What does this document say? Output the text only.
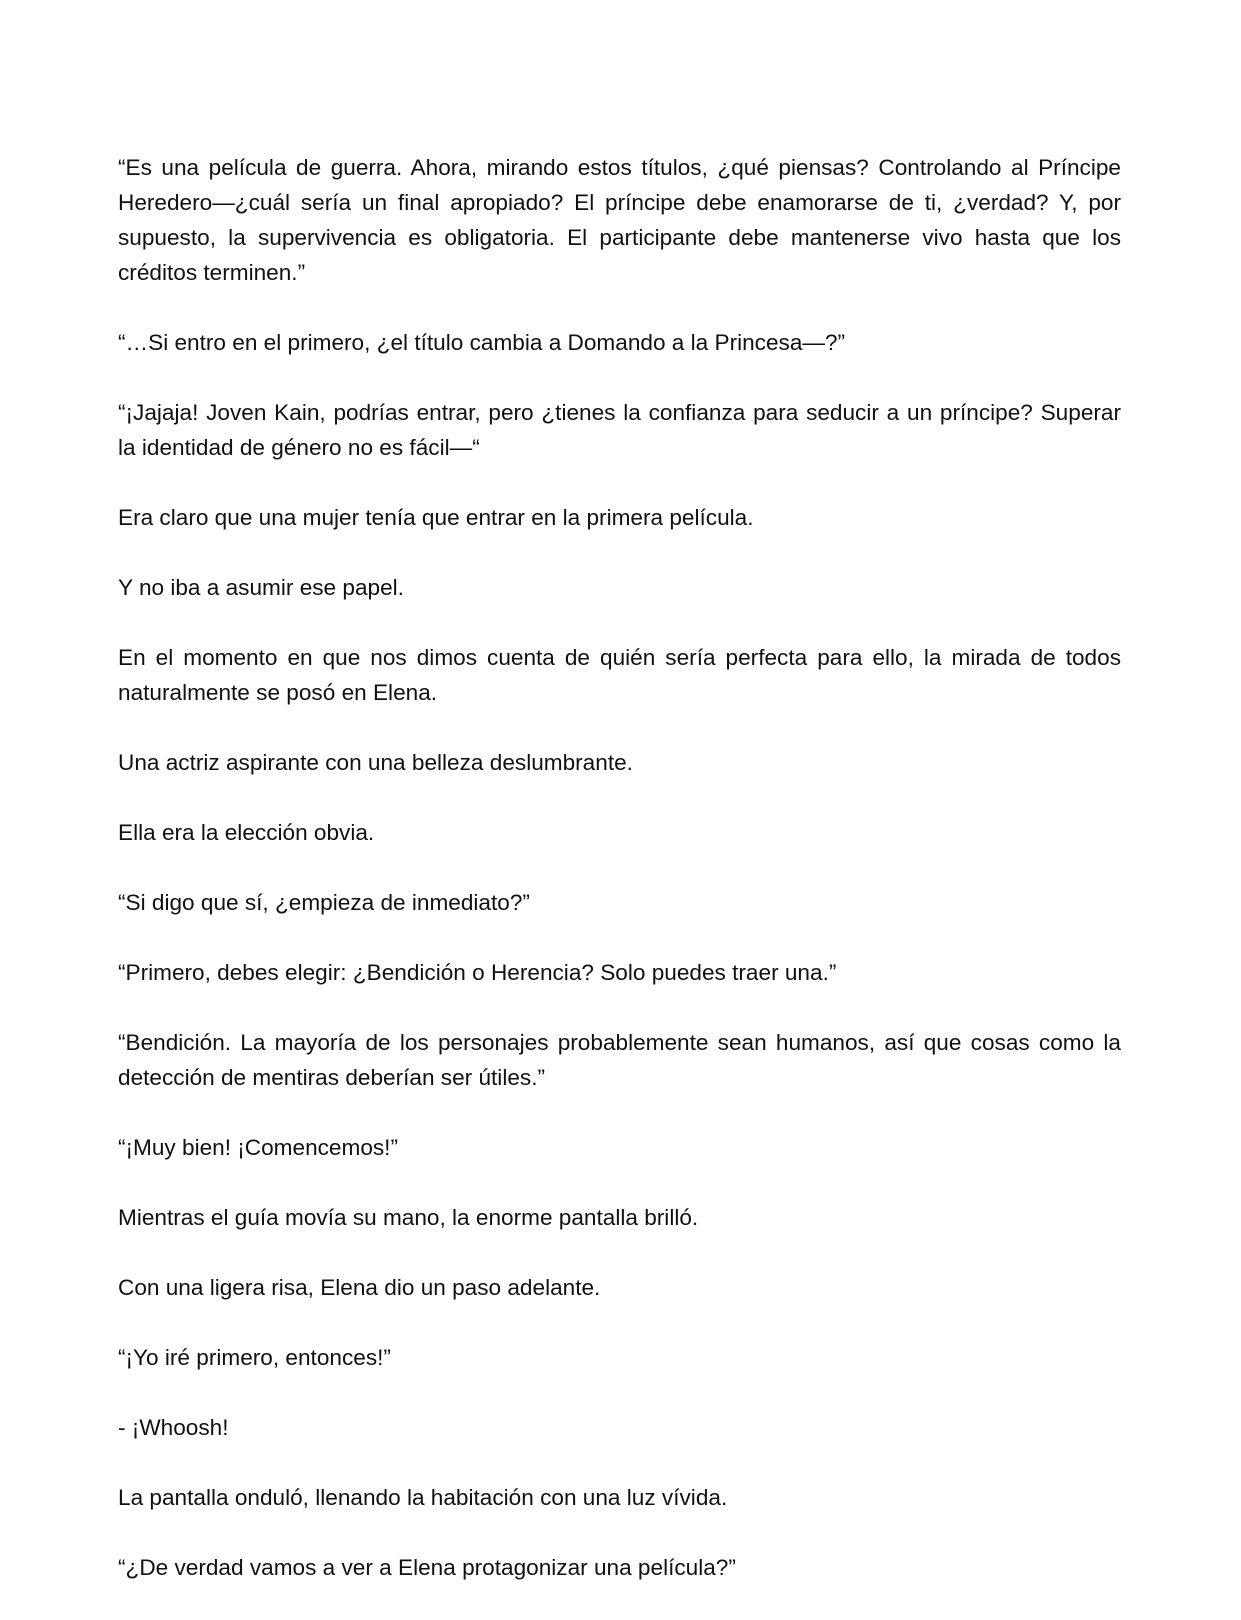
“Es una película de guerra. Ahora, mirando estos títulos, ¿qué piensas? Controlando al Príncipe Heredero—¿cuál sería un final apropiado? El príncipe debe enamorarse de ti, ¿verdad? Y, por supuesto, la supervivencia es obligatoria. El participante debe mantenerse vivo hasta que los créditos terminen.”

“…Si entro en el primero, ¿el título cambia a Domando a la Princesa—?”

“¡Jajaja! Joven Kain, podrías entrar, pero ¿tienes la confianza para seducir a un príncipe? Superar la identidad de género no es fácil—“

Era claro que una mujer tenía que entrar en la primera película.

Y no iba a asumir ese papel.

En el momento en que nos dimos cuenta de quién sería perfecta para ello, la mirada de todos naturalmente se posó en Elena.

Una actriz aspirante con una belleza deslumbrante.

Ella era la elección obvia.

“Si digo que sí, ¿empieza de inmediato?”

“Primero, debes elegir: ¿Bendición o Herencia? Solo puedes traer una.”

“Bendición. La mayoría de los personajes probablemente sean humanos, así que cosas como la detección de mentiras deberían ser útiles.”

“¡Muy bien! ¡Comencemos!”

Mientras el guía movía su mano, la enorme pantalla brilló.

Con una ligera risa, Elena dio un paso adelante.

“¡Yo iré primero, entonces!”

- ¡Whoosh!

La pantalla onduló, llenando la habitación con una luz vívida.

“¿De verdad vamos a ver a Elena protagonizar una película?”
